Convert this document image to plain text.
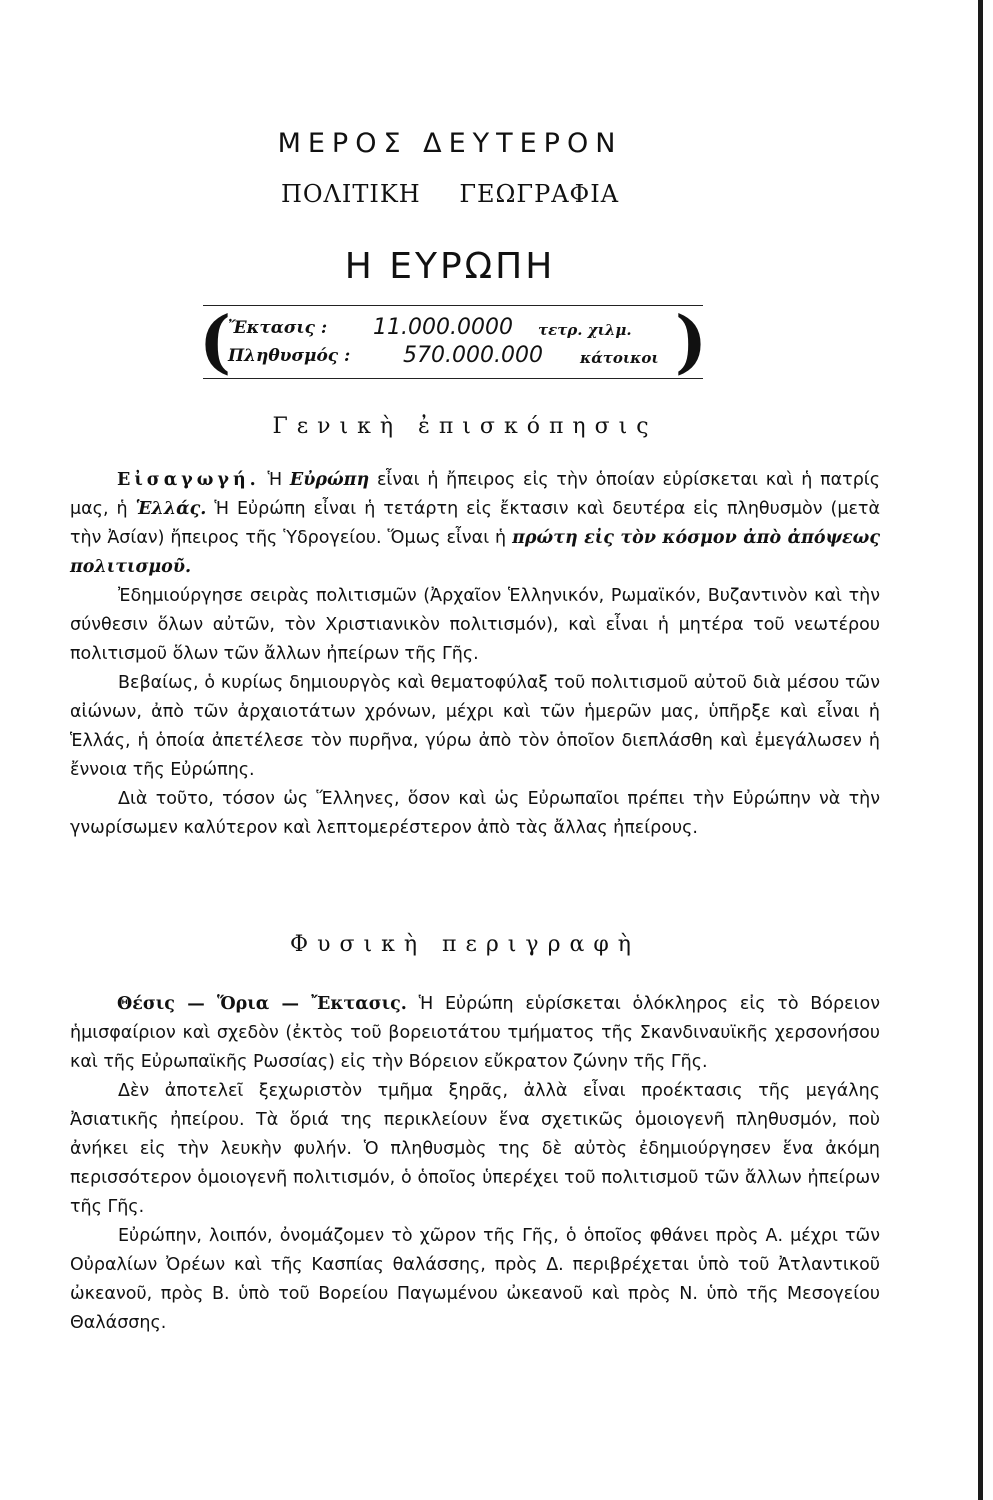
ΜΕΡΟΣ ΔΕΥΤΕΡΟΝ
ΠΟΛΙΤΙΚΗ ΓΕΩΓΡΑΦΙΑ
Η ΕΥΡΩΠΗ
(	)
Ἔκτασις : 11.000.0000 τετρ. χιλμ.
Πληθυσμός : 570.000.000 κάτοικοι
Γενικὴ ἐπισκόπησις

Εἰσαγωγή. Ἡ Εὐρώπη εἶναι ἡ ἤπειρος εἰς τὴν ὁποίαν εὑρίσκεται καὶ ἡ πατρίς μας, ἡ Ἑλλάς. Ἡ Εὐρώπη εἶναι ἡ τετάρτη εἰς ἔκτασιν καὶ δευτέρα εἰς πληθυσμὸν (μετὰ τὴν Ἀσίαν) ἤπειρος τῆς Ὑδρογείου. Ὅμως εἶναι ἡ πρώτη εἰς τὸν κόσμον ἀπὸ ἀπόψεως πολιτισμοῦ.

Ἐδημιούργησε σειρὰς πολιτισμῶν (Ἀρχαῖον Ἑλληνικόν, Ρωμαϊκόν, Βυζαντινὸν καὶ τὴν σύνθεσιν ὅλων αὐτῶν, τὸν Χριστιανικὸν πολιτισμόν), καὶ εἶναι ἡ μητέρα τοῦ νεωτέρου πολιτισμοῦ ὅλων τῶν ἄλλων ἠπείρων τῆς Γῆς.

Βεβαίως, ὁ κυρίως δημιουργὸς καὶ θεματοφύλαξ τοῦ πολιτισμοῦ αὐτοῦ διὰ μέσου τῶν αἰώνων, ἀπὸ τῶν ἀρχαιοτάτων χρόνων, μέχρι καὶ τῶν ἡμερῶν μας, ὑπῆρξε καὶ εἶναι ἡ Ἑλλάς, ἡ ὁποία ἀπετέλεσε τὸν πυρῆνα, γύρω ἀπὸ τὸν ὁποῖον διεπλάσθη καὶ ἐμεγάλωσεν ἡ ἔννοια τῆς Εὐρώπης.

Διὰ τοῦτο, τόσον ὡς Ἕλληνες, ὅσον καὶ ὡς Εὐρωπαῖοι πρέπει τὴν Εὐρώπην νὰ τὴν γνωρίσωμεν καλύτερον καὶ λεπτομερέστερον ἀπὸ τὰς ἄλλας ἠπείρους.

Φυσικὴ περιγραφὴ

Θέσις — Ὅρια — Ἔκτασις. Ἡ Εὐρώπη εὑρίσκεται ὁλόκληρος εἰς τὸ Βόρειον ἡμισφαίριον καὶ σχεδὸν (ἐκτὸς τοῦ βορειοτάτου τμήματος τῆς Σκανδιναυϊκῆς χερσονήσου καὶ τῆς Εὐρωπαϊκῆς Ρωσσίας) εἰς τὴν Βόρειον εὔκρατον ζώνην τῆς Γῆς.

Δὲν ἀποτελεῖ ξεχωριστὸν τμῆμα ξηρᾶς, ἀλλὰ εἶναι προέκτασις τῆς μεγάλης Ἀσιατικῆς ἠπείρου. Τὰ ὅριά της περικλείουν ἕνα σχετικῶς ὁμοιογενῆ πληθυσμόν, ποὺ ἀνήκει εἰς τὴν λευκὴν φυλήν. Ὁ πληθυσμὸς της δὲ αὐτὸς ἐδημιούργησεν ἕνα ἀκόμη περισσότερον ὁμοιογενῆ πολιτισμόν, ὁ ὁποῖος ὑπερέχει τοῦ πολιτισμοῦ τῶν ἄλλων ἠπείρων τῆς Γῆς.

Εὐρώπην, λοιπόν, ὀνομάζομεν τὸ χῶρον τῆς Γῆς, ὁ ὁποῖος φθάνει πρὸς Α. μέχρι τῶν Οὐραλίων Ὀρέων καὶ τῆς Κασπίας θαλάσσης, πρὸς Δ. περιβρέχεται ὑπὸ τοῦ Ἀτλαντικοῦ ὠκεανοῦ, πρὸς Β. ὑπὸ τοῦ Βορείου Παγωμένου ὠκεανοῦ καὶ πρὸς Ν. ὑπὸ τῆς Μεσογείου Θαλάσσης.
